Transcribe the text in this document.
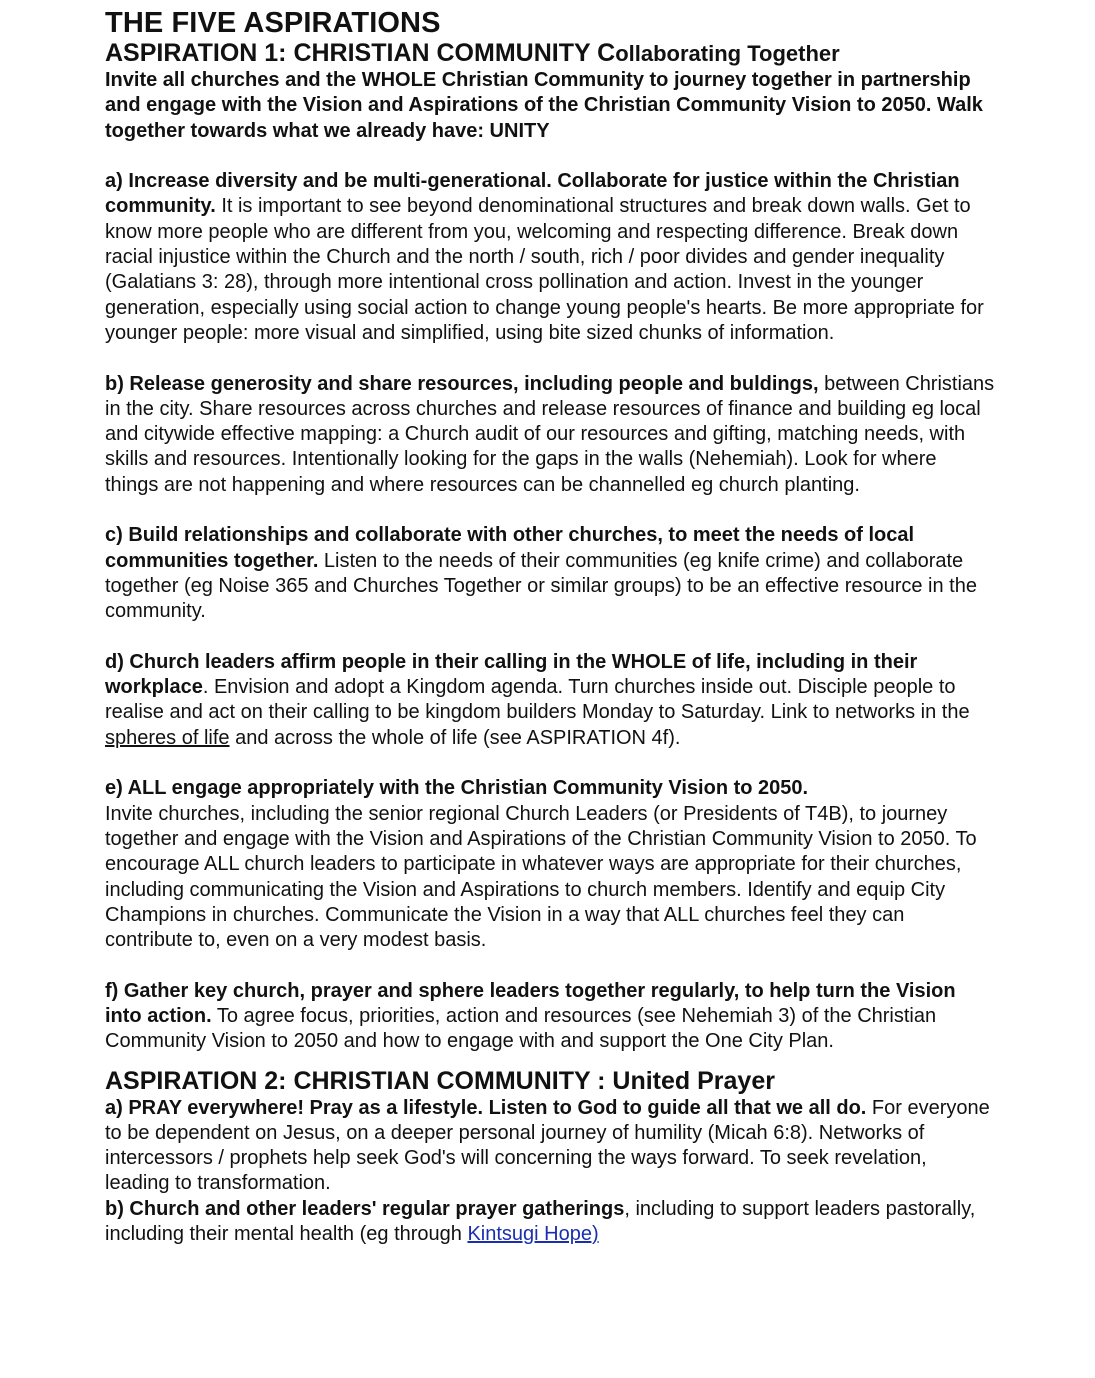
THE FIVE ASPIRATIONS
ASPIRATION 1: CHRISTIAN COMMUNITY Collaborating Together

Invite all churches and the WHOLE Christian Community to journey together in partnership and engage with the Vision and Aspirations of the Christian Community Vision to 2050. Walk together towards what we already have: UNITY

a) Increase diversity and be multi-generational. Collaborate for justice within the Christian community. It is important to see beyond denominational structures and break down walls. Get to know more people who are different from you, welcoming and respecting difference. Break down racial injustice within the Church and the north / south, rich / poor divides and gender inequality (Galatians 3: 28), through more intentional cross pollination and action. Invest in the younger generation, especially using social action to change young people's hearts. Be more appropriate for younger people: more visual and simplified, using bite sized chunks of information.

b) Release generosity and share resources, including people and buldings, between Christians in the city. Share resources across churches and release resources of finance and building eg local and citywide effective mapping: a Church audit of our resources and gifting, matching needs, with skills and resources. Intentionally looking for the gaps in the walls (Nehemiah). Look for where things are not happening and where resources can be channelled eg church planting.

c) Build relationships and collaborate with other churches, to meet the needs of local communities together. Listen to the needs of their communities (eg knife crime) and collaborate together (eg Noise 365 and Churches Together or similar groups) to be an effective resource in the community.

d) Church leaders affirm people in their calling in the WHOLE of life, including in their workplace. Envision and adopt a Kingdom agenda. Turn churches inside out. Disciple people to realise and act on their calling to be kingdom builders Monday to Saturday. Link to networks in the spheres of life and across the whole of life (see ASPIRATION 4f).

e) ALL engage appropriately with the Christian Community Vision to 2050.
Invite churches, including the senior regional Church Leaders (or Presidents of T4B), to journey together and engage with the Vision and Aspirations of the Christian Community Vision to 2050. To encourage ALL church leaders to participate in whatever ways are appropriate for their churches, including communicating the Vision and Aspirations to church members. Identify and equip City Champions in churches. Communicate the Vision in a way that ALL churches feel they can contribute to, even on a very modest basis.

f) Gather key church, prayer and sphere leaders together regularly, to help turn the Vision into action. To agree focus, priorities, action and resources (see Nehemiah 3) of the Christian Community Vision to 2050 and how to engage with and support the One City Plan.

ASPIRATION 2: CHRISTIAN COMMUNITY : United Prayer

a) PRAY everywhere! Pray as a lifestyle. Listen to God to guide all that we all do. For everyone to be dependent on Jesus, on a deeper personal journey of humility (Micah 6:8). Networks of intercessors / prophets help seek God's will concerning the ways forward. To seek revelation, leading to transformation.

b) Church and other leaders' regular prayer gatherings, including to support leaders pastorally, including their mental health (eg through Kintsugi Hope)
